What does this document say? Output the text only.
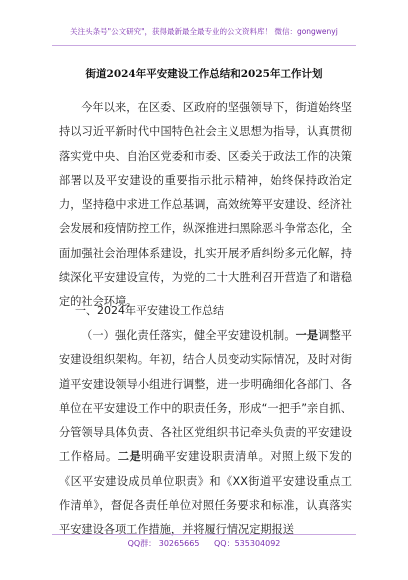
关注头条号"公文研究"，获得最新最全最专业的公文资料库！ 微信：gongwenyj
街道2024年平安建设工作总结和2025年工作计划
今年以来，在区委、区政府的坚强领导下，街道始终坚持以习近平新时代中国特色社会主义思想为指导，认真贯彻落实党中央、自治区党委和市委、区委关于政法工作的决策部署以及平安建设的重要指示批示精神，始终保持政治定力，坚持稳中求进工作总基调，高效统筹平安建设、经济社会发展和疫情防控工作，纵深推进扫黑除恶斗争常态化，全面加强社会治理体系建设，扎实开展矛盾纠纷多元化解，持续深化平安建设宣传，为党的二十大胜利召开营造了和谐稳定的社会环境。
一、2024年平安建设工作总结
（一）强化责任落实，健全平安建设机制。一是调整平安建设组织架构。年初，结合人员变动实际情况，及时对街道平安建设领导小组进行调整，进一步明确细化各部门、各单位在平安建设工作中的职责任务，形成“一把手”亲自抓、分管领导具体负责、各社区党组织书记牵头负责的平安建设工作格局。二是明确平安建设职责清单。对照上级下发的《区平安建设成员单位职责》和《XX街道平安建设重点工作清单》，督促各责任单位对照任务要求和标准，认真落实平安建设各项工作措施，并将履行情况定期报送
QQ群： 30265665 QQ：535304092
